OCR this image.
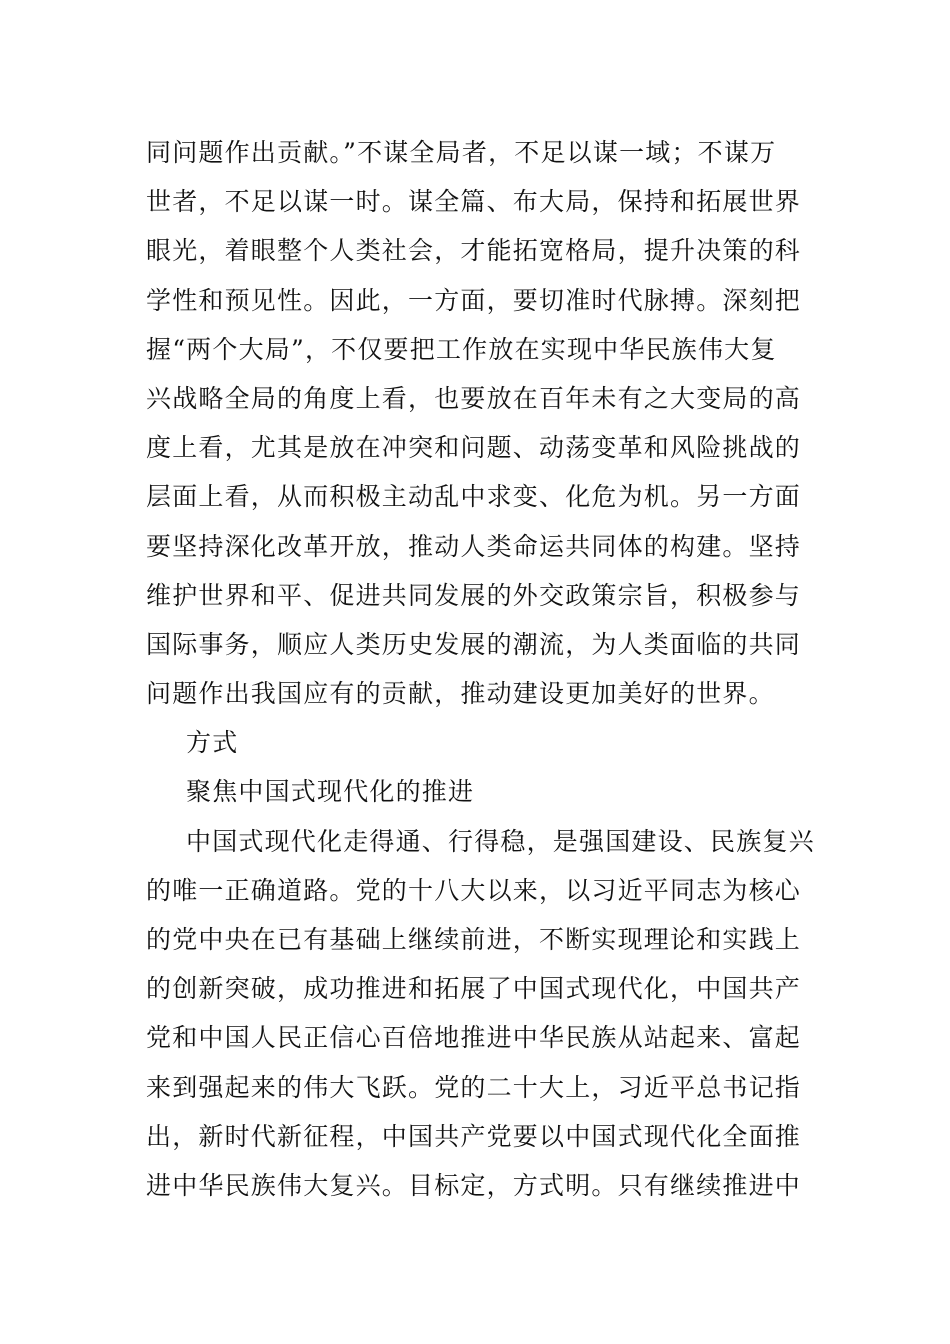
同问题作出贡献。”不谋全局者，不足以谋一域；不谋万
世者，不足以谋一时。谋全篇、布大局，保持和拓展世界
眼光，着眼整个人类社会，才能拓宽格局，提升决策的科
学性和预见性。因此，一方面，要切准时代脉搏。深刻把
握“两个大局”，不仅要把工作放在实现中华民族伟大复
兴战略全局的角度上看，也要放在百年未有之大变局的高
度上看，尤其是放在冲突和问题、动荡变革和风险挑战的
层面上看，从而积极主动乱中求变、化危为机。另一方面
要坚持深化改革开放，推动人类命运共同体的构建。坚持
维护世界和平、促进共同发展的外交政策宗旨，积极参与
国际事务，顺应人类历史发展的潮流，为人类面临的共同
问题作出我国应有的贡献，推动建设更加美好的世界。
方式
聚焦中国式现代化的推进
中国式现代化走得通、行得稳，是强国建设、民族复兴
的唯一正确道路。党的十八大以来，以习近平同志为核心
的党中央在已有基础上继续前进，不断实现理论和实践上
的创新突破，成功推进和拓展了中国式现代化，中国共产
党和中国人民正信心百倍地推进中华民族从站起来、富起
来到强起来的伟大飞跃。党的二十大上，习近平总书记指
出，新时代新征程，中国共产党要以中国式现代化全面推
进中华民族伟大复兴。目标定，方式明。只有继续推进中
